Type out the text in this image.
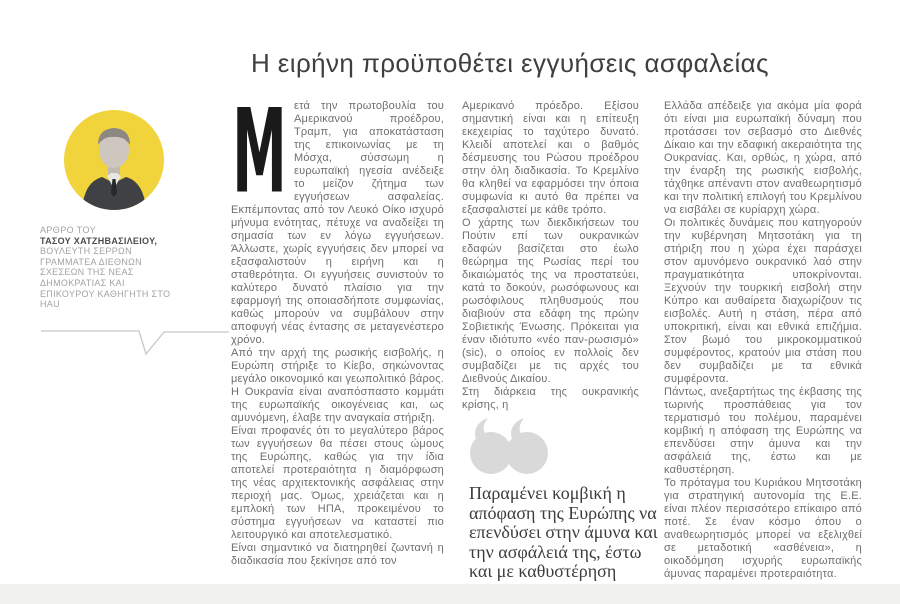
Η ειρήνη προϋποθέτει εγγυήσεις ασφαλείας
ΑΡΘΡΟ ΤΟΥ
ΤΑΣΟΥ ΧΑΤΖΗΒΑΣΙΛΕΙΟΥ,
ΒΟΥΛΕΥΤΗ ΣΕΡΡΩΝ ΓΡΑΜΜΑΤΕΑ ΔΙΕΘΝΩΝ ΣΧΕΣΕΩΝ ΤΗΣ ΝΕΑΣ ΔΗΜΟΚΡΑΤΙΑΣ ΚΑΙ ΕΠΙΚΟΥΡΟΥ ΚΑΘΗΓΗΤΗ ΣΤΟ HAU

Μ ετά την πρωτοβουλία του Αμερικανού προέδρου, Τραμπ, για αποκατάσταση της επικοινωνίας με τη Μόσχα, σύσσωμη η ευρωπαϊκή ηγεσία ανέδειξε το μείζον ζήτημα των εγγυήσεων ασφαλείας. Εκπέμποντας από τον Λευκό Οίκο ισχυρό μήνυμα ενότητας, πέτυχε να αναδείξει τη σημασία των εν λόγω εγγυήσεων. Άλλωστε, χωρίς εγγυήσεις δεν μπορεί να εξασφαλιστούν η ειρήνη και η σταθερότητα. Οι εγγυήσεις συνιστούν το καλύτερο δυνατό πλαίσιο για την εφαρμογή της οποιασδήποτε συμφωνίας, καθώς μπορούν να συμβάλουν στην αποφυγή νέας έντασης σε μεταγενέστερο χρόνο.

Από την αρχή της ρωσικής εισβολής, η Ευρώπη στήριξε το Κίεβο, σηκώνοντας μεγάλο οικονομικό και γεωπολιτικό βάρος. Η Ουκρανία είναι αναπόσπαστο κομμάτι της ευρωπαϊκής οικογένειας και, ως αμυνόμενη, έλαβε την αναγκαία στήριξη.

Είναι προφανές ότι το μεγαλύτερο βάρος των εγγυήσεων θα πέσει στους ώμους της Ευρώπης, καθώς για την ίδια αποτελεί προτεραιότητα η διαμόρφωση της νέας αρχιτεκτονικής ασφάλειας στην περιοχή μας. Όμως, χρειάζεται και η εμπλοκή των ΗΠΑ, προκειμένου το σύστημα εγγυήσεων να καταστεί πιο λειτουργικό και αποτελεσματικό.

Είναι σημαντικό να διατηρηθεί ζωντανή η διαδικασία που ξεκίνησε από τον

Αμερικανό πρόεδρο. Εξίσου σημαντική είναι και η επίτευξη εκεχειρίας το ταχύτερο δυνατό. Κλειδί αποτελεί και ο βαθμός δέσμευσης του Ρώσου προέδρου στην όλη διαδικασία. Το Κρεμλίνο θα κληθεί να εφαρμόσει την όποια συμφωνία κι αυτό θα πρέπει να εξασφαλιστεί με κάθε τρόπο.

Ο χάρτης των διεκδικήσεων του Πούτιν επί των ουκρανικών εδαφών βασίζεται στο έωλο θεώρημα της Ρωσίας περί του δικαιώματός της να προστατεύει, κατά το δοκούν, ρωσόφωνους και ρωσόφιλους πληθυσμούς που διαβιούν στα εδάφη της πρώην Σοβιετικής Ένωσης. Πρόκειται για έναν ιδιότυπο «νέο παν-ρωσισμό» (sic), ο οποίος εν πολλοίς δεν συμβαδίζει με τις αρχές του Διεθνούς Δικαίου.

Στη διάρκεια της ουκρανικής κρίσης, η

Ελλάδα απέδειξε για ακόμα μία φορά ότι είναι μια ευρωπαϊκή δύναμη που προτάσσει τον σεβασμό στο Διεθνές Δίκαιο και την εδαφική ακεραιότητα της Ουκρανίας. Και, ορθώς, η χώρα, από την έναρξη της ρωσικής εισβολής, τάχθηκε απέναντι στον αναθεωρητισμό και την πολιτική επιλογή του Κρεμλίνου να εισβάλει σε κυρίαρχη χώρα.

Οι πολιτικές δυνάμεις που κατηγορούν την κυβέρνηση Μητσοτάκη για τη στήριξη που η χώρα έχει παράσχει στον αμυνόμενο ουκρανικό λαό στην πραγματικότητα υποκρίνονται. Ξεχνούν την τουρκική εισβολή στην Κύπρο και αυθαίρετα διαχωρίζουν τις εισβολές. Αυτή η στάση, πέρα από υποκριτική, είναι και εθνικά επιζήμια. Στον βωμό του μικροκομματικού συμφέροντος, κρατούν μια στάση που δεν συμβαδίζει με τα εθνικά συμφέροντα.

Πάντως, ανεξαρτήτως της έκβασης της τωρινής προσπάθειας για τον τερματισμό του πολέμου, παραμένει κομβική η απόφαση της Ευρώπης να επενδύσει στην άμυνα και την ασφάλειά της, έστω και με καθυστέρηση.

Το πρόταγμα του Κυριάκου Μητσοτάκη για στρατηγική αυτονομία της Ε.Ε. είναι πλέον περισσότερο επίκαιρο από ποτέ. Σε έναν κόσμο όπου ο αναθεωρητισμός μπορεί να εξελιχθεί σε μεταδοτική «ασθένεια», η οικοδόμηση ισχυρής ευρωπαϊκής άμυνας παραμένει προτεραιότητα.

Παραμένει κομβική η απόφαση της Ευρώπης να επενδύσει στην άμυνα και την ασφάλειά της, έστω και με καθυστέρηση
